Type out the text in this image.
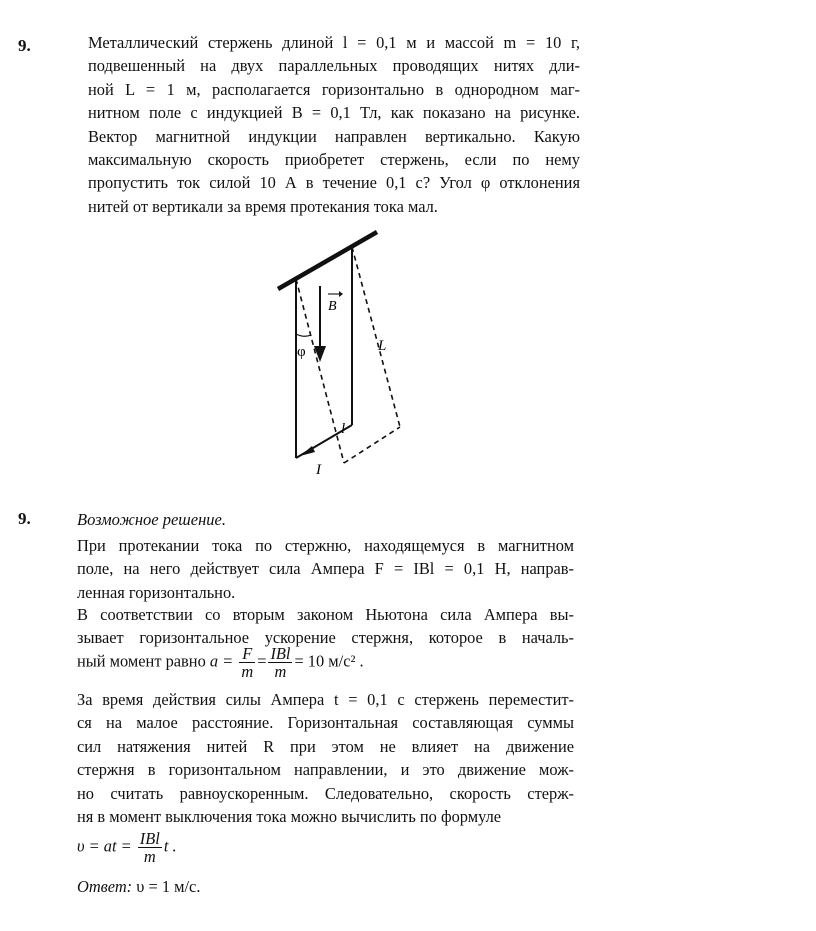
9.	Металлический стержень длиной l = 0,1 м и массой m = 10 г,
подвешенный на двух параллельных проводящих нитях дли-
ной L = 1 м, располагается горизонтально в однородном маг-
нитном поле с индукцией B = 0,1 Тл, как показано на рисунке.
Вектор магнитной индукции направлен вертикально. Какую
максимальную скорость приобретет стержень, если по нему
пропустить ток силой 10 А в течение 0,1 с? Угол φ отклонения
нитей от вертикали за время протекания тока мал.
B
φ	L
l
I
9.	Возможное решение.
При протекании тока по стержню, находящемуся в магнитном
поле, на него действует сила Ампера F = IBl = 0,1 Н, направ-
ленная горизонтально.
В соответствии со вторым законом Ньютона сила Ампера вы-
зывает горизонтальное ускорение стержня, которое в началь-
ный момент равно $a = \frac{F}{m} = \frac{\text{IBl}}{m} = 10$ м/с² .
За время действия силы Ампера t = 0,1 с стержень переместит-
ся на малое расстояние. Горизонтальная составляющая суммы
сил натяжения нитей R при этом не влияет на движение
стержня в горизонтальном направлении, и это движение мож-
но считать равноускоренным. Следовательно, скорость стерж-
ня в момент выключения тока можно вычислить по формуле
υ = at = $\frac{\text{IBl}}{m}$ t .
Ответ: υ = 1 м/с.
